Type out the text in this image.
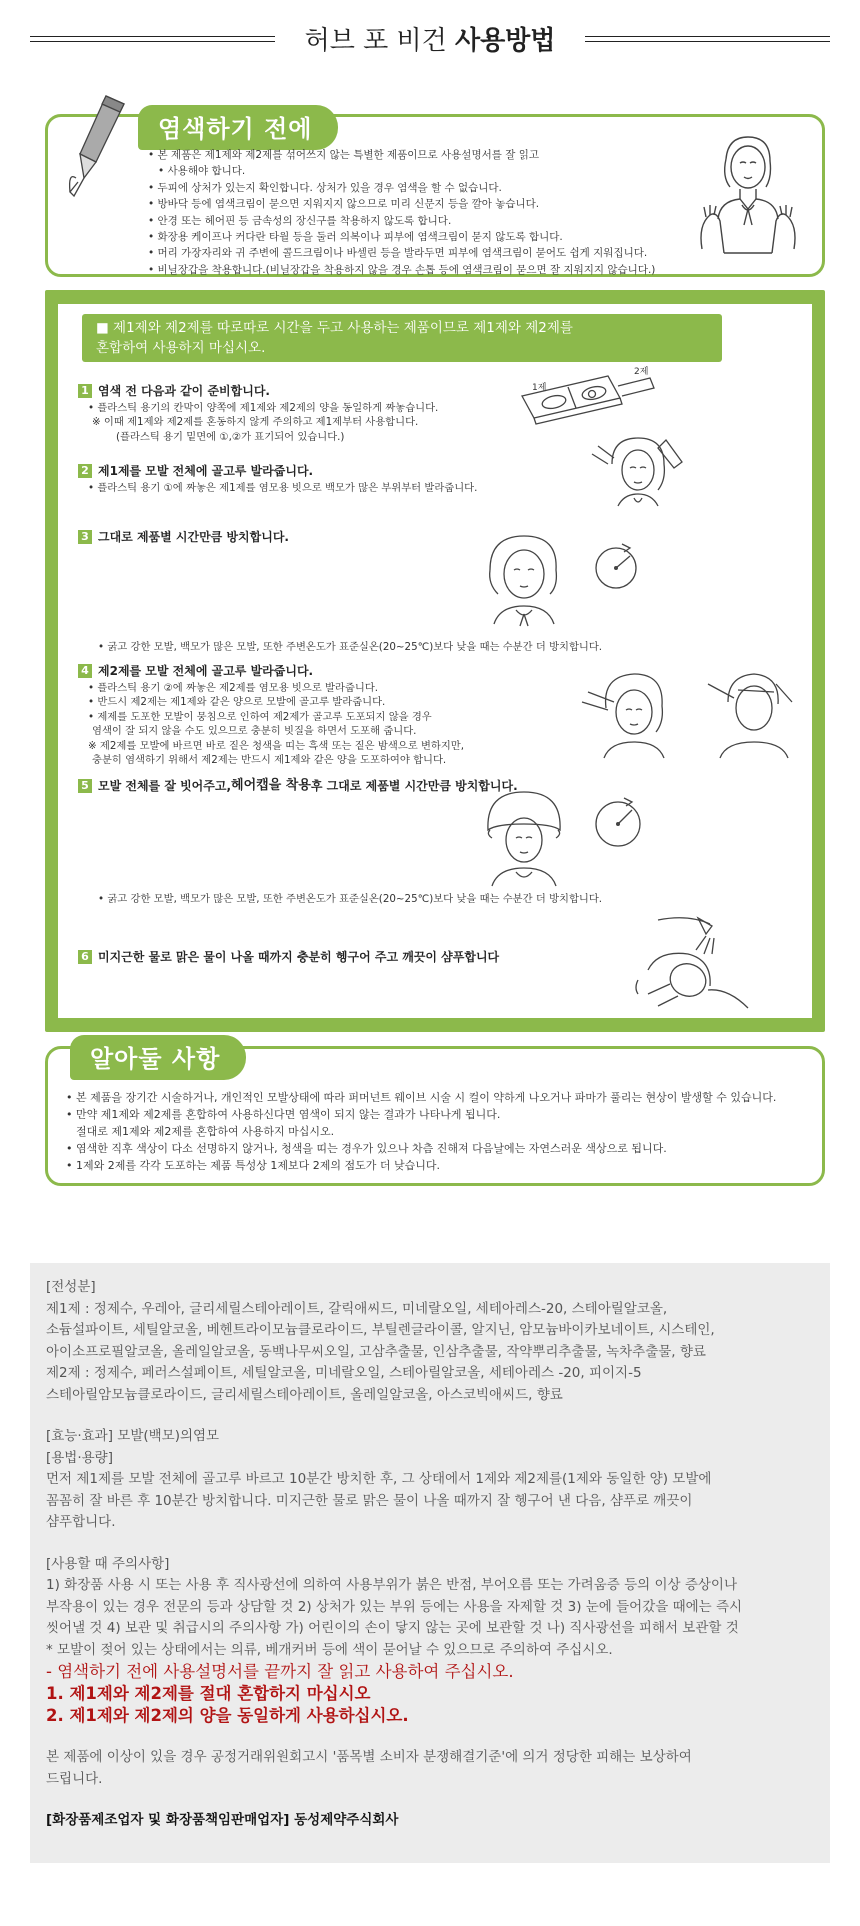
허브 포 비건 사용방법
염색하기 전에
• 본 제품은 제1제와 제2제를 섞어쓰지 않는 특별한 제품이므로 사용설명서를 잘 읽고
• 사용해야 합니다.
• 두피에 상처가 있는지 확인합니다. 상처가 있을 경우 염색을 할 수 없습니다.
• 방바닥 등에 염색크림이 묻으면 지워지지 않으므로 미리 신문지 등을 깔아 놓습니다.
• 안경 또는 헤어핀 등 금속성의 장신구를 착용하지 않도록 합니다.
• 화장용 케이프나 커다란 타월 등을 둘러 의복이나 피부에 염색크림이 묻지 않도록 합니다.
• 머리 가장자리와 귀 주변에 콜드크림이나 바셀린 등을 발라두면 피부에 염색크림이 묻어도 쉽게 지워집니다.
• 비닐장갑을 착용합니다.(비닐장갑을 착용하지 않을 경우 손톱 등에 염색크림이 묻으면 잘 지워지지 않습니다.)
■ 제1제와 제2제를 따로따로 시간을 두고 사용하는 제품이므로 제1제와 제2제를
혼합하여 사용하지 마십시오.
1 염색 전 다음과 같이 준비합니다.
• 플라스틱 용기의 칸막이 양쪽에 제1제와 제2제의 양을 동일하게 짜놓습니다.
※ 이때 제1제와 제2제를 혼동하지 않게 주의하고 제1제부터 사용합니다.
(플라스틱 용기 밑면에 ①,②가 표기되어 있습니다.)
1제
2제
2 제1제를 모발 전체에 골고루 발라줍니다.
• 플라스틱 용기 ①에 짜놓은 제1제를 염모용 빗으로 백모가 많은 부위부터 발라줍니다.
3 그대로 제품별 시간만큼 방치합니다.
• 굵고 강한 모발, 백모가 많은 모발, 또한 주변온도가 표준실온(20~25℃)보다 낮을 때는 수분간 더 방치합니다.
4 제2제를 모발 전체에 골고루 발라줍니다.
• 플라스틱 용기 ②에 짜놓은 제2제를 염모용 빗으로 발라줍니다.
• 반드시 제2제는 제1제와 같은 양으로 모발에 골고루 발라줍니다.
• 제제를 도포한 모발이 뭉침으로 인하여 제2제가 골고루 도포되지 않을 경우
염색이 잘 되지 않을 수도 있으므로 충분히 빗질을 하면서 도포해 줍니다.
※ 제2제를 모발에 바르면 바로 짙은 청색을 띠는 흑색 또는 짙은 밤색으로 변하지만,
충분히 염색하기 위해서 제2제는 반드시 제1제와 같은 양을 도포하여야 합니다.
5 모발 전체를 잘 빗어주고, 헤어캡을 착용 후 그대로 제품별 시간만큼 방치합니다.
• 굵고 강한 모발, 백모가 많은 모발, 또한 주변온도가 표준실온(20~25℃)보다 낮을 때는 수분간 더 방치합니다.
6 미지근한 물로 맑은 물이 나올 때까지 충분히 헹구어 주고 깨끗이 샴푸합니다
알아둘 사항
• 본 제품을 장기간 시술하거나, 개인적인 모발상태에 따라 퍼머넌트 웨이브 시술 시 컬이 약하게 나오거나 파마가 풀리는 현상이 발생할 수 있습니다.
• 만약 제1제와 제2제를 혼합하여 사용하신다면 염색이 되지 않는 결과가 나타나게 됩니다.
절대로 제1제와 제2제를 혼합하여 사용하지 마십시오.
• 염색한 직후 색상이 다소 선명하지 않거나, 청색을 띠는 경우가 있으나 차츰 진해져 다음날에는 자연스러운 색상으로 됩니다.
• 1제와 2제를 각각 도포하는 제품 특성상 1제보다 2제의 점도가 더 낮습니다.
[전성분]
제1제 : 정제수, 우레아, 글리세릴스테아레이트, 갈릭애씨드, 미네랄오일, 세테아레스-20, 스테아릴알코올,
소듐설파이트, 세틸알코올, 베헨트라이모늄클로라이드, 부틸렌글라이콜, 알지닌, 암모늄바이카보네이트, 시스테인,
아이소프로필알코올, 올레일알코올, 동백나무씨오일, 고삼추출물, 인삼추출물, 작약뿌리추출물, 녹차추출물, 향료
제2제 : 정제수, 페러스설페이트, 세틸알코올, 미네랄오일, 스테아릴알코올, 세테아레스 -20, 피이지-5
스테아릴암모늄클로라이드, 글리세릴스테아레이트, 올레일알코올, 아스코빅애씨드, 향료
[효능·효과] 모발(백모)의염모
[용법·용량]
먼저 제1제를 모발 전체에 골고루 바르고 10분간 방치한 후, 그 상태에서 1제와 제2제를(1제와 동일한 양) 모발에
꼼꼼히 잘 바른 후 10분간 방치합니다. 미지근한 물로 맑은 물이 나올 때까지 잘 헹구어 낸 다음, 샴푸로 깨끗이
샴푸합니다.
[사용할 때 주의사항]
1) 화장품 사용 시 또는 사용 후 직사광선에 의하여 사용부위가 붉은 반점, 부어오름 또는 가려움증 등의 이상 증상이나
부작용이 있는 경우 전문의 등과 상담할 것 2) 상처가 있는 부위 등에는 사용을 자제할 것 3) 눈에 들어갔을 때에는 즉시
씻어낼 것 4) 보관 및 취급시의 주의사항 가) 어린이의 손이 닿지 않는 곳에 보관할 것 나) 직사광선을 피해서 보관할 것
* 모발이 젖어 있는 상태에서는 의류, 베개커버 등에 색이 묻어날 수 있으므로 주의하여 주십시오.
- 염색하기 전에 사용설명서를 끝까지 잘 읽고 사용하여 주십시오.
1. 제1제와 제2제를 절대 혼합하지 마십시오
2. 제1제와 제2제의 양을 동일하게 사용하십시오.
본 제품에 이상이 있을 경우 공정거래위원회고시 '품목별 소비자 분쟁해결기준'에 의거 정당한 피해는 보상하여
드립니다.
[화장품제조업자 및 화장품책임판매업자] 동성제약주식회사
